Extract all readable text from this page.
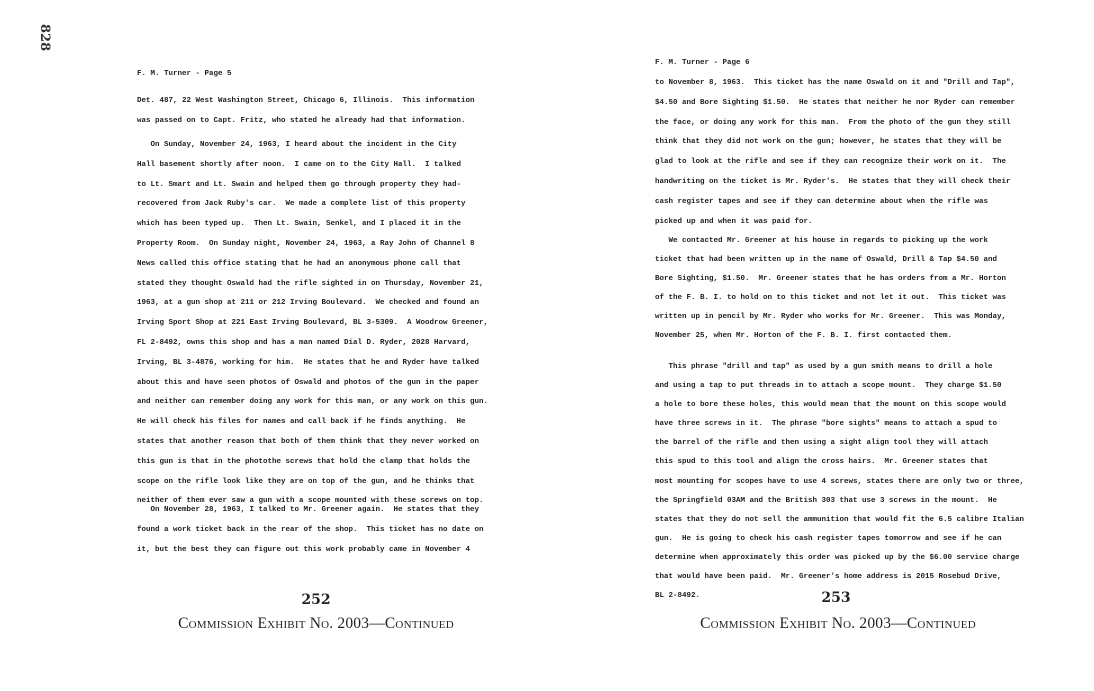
828
F. M. Turner - Page 5
Det. 487, 22 West Washington Street, Chicago 6, Illinois.  This information
was passed on to Capt. Fritz, who stated he already had that information.
On Sunday, November 24, 1963, I heard about the incident in the City
Hall basement shortly after noon.  I came on to the City Hall.  I talked
to Lt. Smart and Lt. Swain and helped them go through property they had-
recovered from Jack Ruby's car.  We made a complete list of this property
which has been typed up.  Then Lt. Swain, Senkel, and I placed it in the
Property Room.  On Sunday night, November 24, 1963, a Ray John of Channel 8
News called this office stating that he had an anonymous phone call that
stated they thought Oswald had the rifle sighted in on Thursday, November 21,
1963, at a gun shop at 211 or 212 Irving Boulevard.  We checked and found an
Irving Sport Shop at 221 East Irving Boulevard, BL 3-5309.  A Woodrow Greener,
FL 2-8492, owns this shop and has a man named Dial D. Ryder, 2028 Harvard,
Irving, BL 3-4876, working for him.  He states that he and Ryder have talked
about this and have seen photos of Oswald and photos of the gun in the paper
and neither can remember doing any work for this man, or any work on this gun.
He will check his files for names and call back if he finds anything.  He
states that another reason that both of them think that they never worked on
this gun is that in the photothe screws that hold the clamp that holds the
scope on the rifle look like they are on top of the gun, and he thinks that
neither of them ever saw a gun with a scope mounted with these screws on top.
On November 28, 1963, I talked to Mr. Greener again.  He states that they
found a work ticket back in the rear of the shop.  This ticket has no date on
it, but the best they can figure out this work probably came in November 4
252
Commission Exhibit No. 2003—Continued
F. M. Turner - Page 6
to November 8, 1963.  This ticket has the name Oswald on it and "Drill and Tap",
$4.50 and Bore Sighting $1.50.  He states that neither he nor Ryder can remember
the face, or doing any work for this man.  From the photo of the gun they still
think that they did not work on the gun; however, he states that they will be
glad to look at the rifle and see if they can recognize their work on it.  The
handwriting on the ticket is Mr. Ryder's.  He states that they will check their
cash register tapes and see if they can determine about when the rifle was
picked up and when it was paid for.
We contacted Mr. Greener at his house in regards to picking up the work
ticket that had been written up in the name of Oswald, Drill & Tap $4.50 and
Bore Sighting, $1.50.  Mr. Greener states that he has orders from a Mr. Horton
of the F. B. I. to hold on to this ticket and not let it out.  This ticket was
written up in pencil by Mr. Ryder who works for Mr. Greener.  This was Monday,
November 25, when Mr. Horton of the F. B. I. first contacted them.
This phrase "drill and tap" as used by a gun smith means to drill a hole
and using a tap to put threads in to attach a scope mount.  They charge $1.50
a hole to bore these holes, this would mean that the mount on this scope would
have three screws in it.  The phrase "bore sights" means to attach a spud to
the barrel of the rifle and then using a sight align tool they will attach
this spud to this tool and align the cross hairs.  Mr. Greener states that
most mounting for scopes have to use 4 screws, states there are only two or three,
the Springfield 03AM and the British 303 that use 3 screws in the mount.  He
states that they do not sell the ammunition that would fit the 6.5 calibre Italian
gun.  He is going to check his cash register tapes tomorrow and see if he can
determine when approximately this order was picked up by the $6.00 service charge
that would have been paid.  Mr. Greener's home address is 2015 Rosebud Drive,
BL 2-8492.	253
Commission Exhibit No. 2003—Continued
